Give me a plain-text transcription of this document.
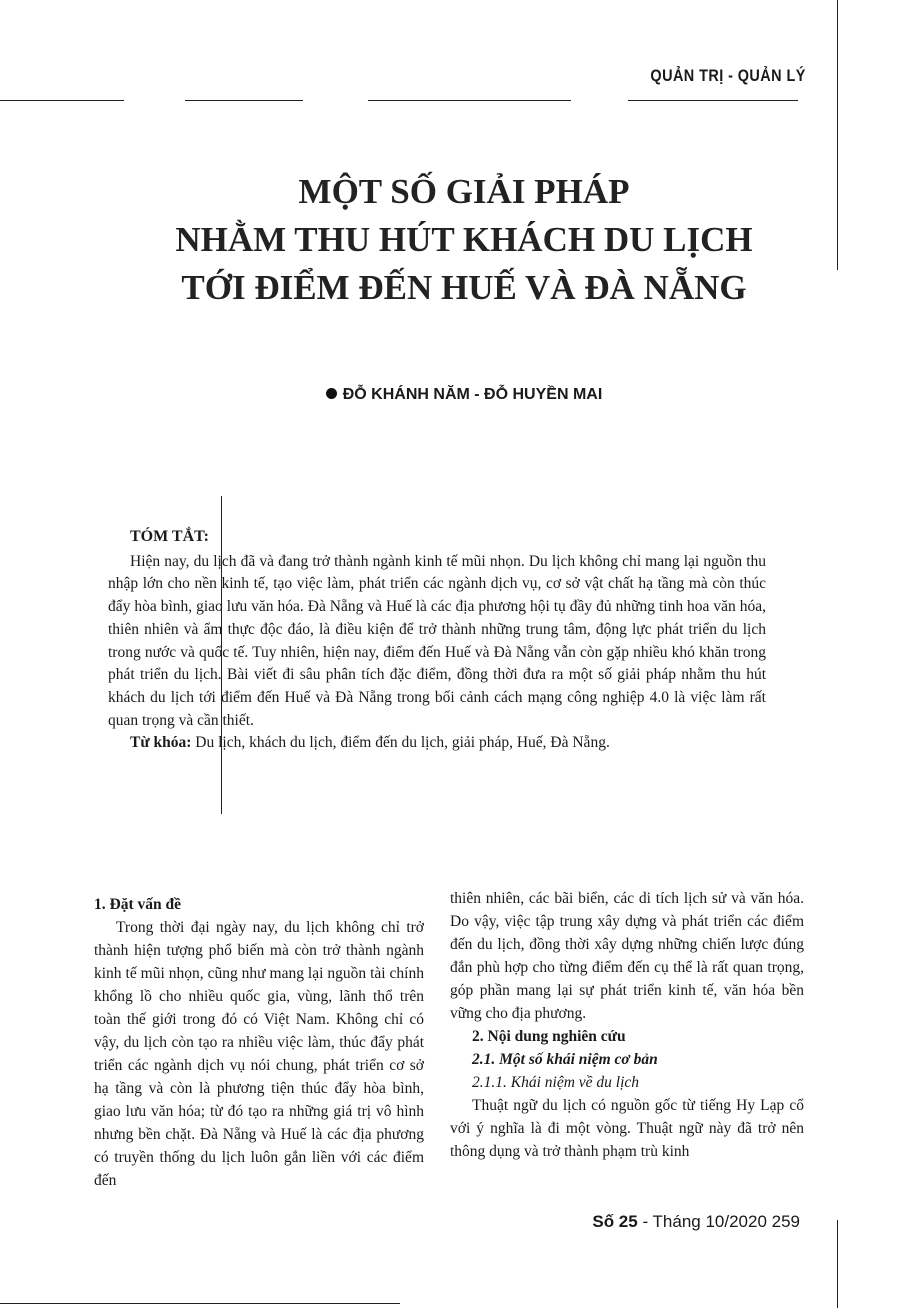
QUẢN TRỊ - QUẢN LÝ
MỘT SỐ GIẢI PHÁP
NHẰM THU HÚT KHÁCH DU LỊCH
TỚI ĐIỂM ĐẾN HUẾ VÀ ĐÀ NẴNG
ĐỖ KHÁNH NĂM - ĐỖ HUYỀN MAI
TÓM TẮT:
Hiện nay, du lịch đã và đang trở thành ngành kinh tế mũi nhọn. Du lịch không chỉ mang lại nguồn thu nhập lớn cho nền kinh tế, tạo việc làm, phát triển các ngành dịch vụ, cơ sở vật chất hạ tầng mà còn thúc đẩy hòa bình, giao lưu văn hóa. Đà Nẵng và Huế là các địa phương hội tụ đầy đủ những tinh hoa văn hóa, thiên nhiên và ẩm thực độc đáo, là điều kiện để trở thành những trung tâm, động lực phát triển du lịch trong nước và quốc tế. Tuy nhiên, hiện nay, điểm đến Huế và Đà Nẵng vẫn còn gặp nhiều khó khăn trong phát triển du lịch. Bài viết đi sâu phân tích đặc điểm, đồng thời đưa ra một số giải pháp nhằm thu hút khách du lịch tới điểm đến Huế và Đà Nẵng trong bối cảnh cách mạng công nghiệp 4.0 là việc làm rất quan trọng và cần thiết.
Từ khóa: Du lịch, khách du lịch, điểm đến du lịch, giải pháp, Huế, Đà Nẵng.
1. Đặt vấn đề
Trong thời đại ngày nay, du lịch không chỉ trở thành hiện tượng phổ biến mà còn trở thành ngành kinh tế mũi nhọn, cũng như mang lại nguồn tài chính khổng lồ cho nhiều quốc gia, vùng, lãnh thổ trên toàn thế giới trong đó có Việt Nam. Không chỉ có vậy, du lịch còn tạo ra nhiều việc làm, thúc đẩy phát triển các ngành dịch vụ nói chung, phát triển cơ sở hạ tầng và còn là phương tiện thúc đẩy hòa bình, giao lưu văn hóa; từ đó tạo ra những giá trị vô hình nhưng bền chặt. Đà Nẵng và Huế là các địa phương có truyền thống du lịch luôn gắn liền với các điểm đến
thiên nhiên, các bãi biển, các di tích lịch sử và văn hóa. Do vậy, việc tập trung xây dựng và phát triển các điểm đến du lịch, đồng thời xây dựng những chiến lược đúng đắn phù hợp cho từng điểm đến cụ thể là rất quan trọng, góp phần mang lại sự phát triển kinh tế, văn hóa bền vững cho địa phương.
2. Nội dung nghiên cứu
2.1. Một số khái niệm cơ bản
2.1.1. Khái niệm về du lịch
Thuật ngữ du lịch có nguồn gốc từ tiếng Hy Lạp cổ với ý nghĩa là đi một vòng. Thuật ngữ này đã trở nên thông dụng và trở thành phạm trù kinh
Số 25 - Tháng 10/2020 259
